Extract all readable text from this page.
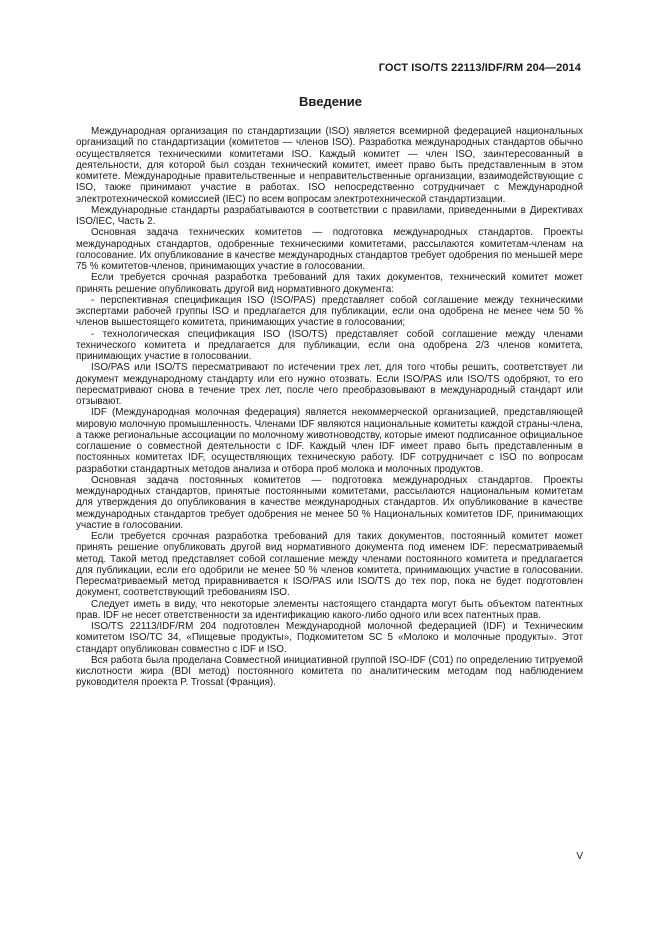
ГОСТ ISO/TS 22113/IDF/RM 204—2014
Введение

Международная организация по стандартизации (ISO) является всемирной федерацией национальных организаций по стандартизации (комитетов — членов ISO). Разработка международных стандартов обычно осуществляется техническими комитетами ISO. Каждый комитет — член ISO, заинтересованный в деятельности, для которой был создан технический комитет, имеет право быть представленным в этом комитете. Международные правительственные и неправительственные организации, взаимодействующие с ISO, также принимают участие в работах. ISO непосредственно сотрудничает с Международной электротехнической комиссией (IEC) по всем вопросам электротехнической стандартизации.

Международные стандарты разрабатываются в соответствии с правилами, приведенными в Директивах ISO/IEC, Часть 2.

Основная задача технических комитетов — подготовка международных стандартов. Проекты международных стандартов, одобренные техническими комитетами, рассылаются комитетам-членам на голосование. Их опубликование в качестве международных стандартов требует одобрения по меньшей мере 75 % комитетов-членов, принимающих участие в голосовании.

Если требуется срочная разработка требований для таких документов, технический комитет может принять решение опубликовать другой вид нормативного документа:

- перспективная спецификация ISO (ISO/PAS) представляет собой соглашение между техническими экспертами рабочей группы ISO и предлагается для публикации, если она одобрена не менее чем 50 % членов вышестоящего комитета, принимающих участие в голосовании;

- технологическая спецификация ISO (ISO/TS) представляет собой соглашение между членами технического комитета и предлагается для публикации, если она одобрена 2/3 членов комитета, принимающих участие в голосовании.

ISO/PAS или ISO/TS пересматривают по истечении трех лет, для того чтобы решить, соответствует ли документ международному стандарту или его нужно отозвать. Если ISO/PAS или ISO/TS одобряют, то его пересматривают снова в течение трех лет, после чего преобразовывают в международный стандарт или отзывают.

IDF (Международная молочная федерация) является некоммерческой организацией, представляющей мировую молочную промышленность. Членами IDF являются национальные комитеты каждой страны-члена, а также региональные ассоциации по молочному животноводству, которые имеют подписанное официальное соглашение о совместной деятельности с IDF. Каждый член IDF имеет право быть представленным в постоянных комитетах IDF, осуществляющих техническую работу. IDF сотрудничает с ISO по вопросам разработки стандартных методов анализа и отбора проб молока и молочных продуктов.

Основная задача постоянных комитетов — подготовка международных стандартов. Проекты международных стандартов, принятые постоянными комитетами, рассылаются национальным комитетам для утверждения до опубликования в качестве международных стандартов. Их опубликование в качестве международных стандартов требует одобрения не менее 50 % Национальных комитетов IDF, принимающих участие в голосовании.

Если требуется срочная разработка требований для таких документов, постоянный комитет может принять решение опубликовать другой вид нормативного документа под именем IDF: пересматриваемый метод. Такой метод представляет собой соглашение между членами постоянного комитета и предлагается для публикации, если его одобрили не менее 50 % членов комитета, принимающих участие в голосовании. Пересматриваемый метод приравнивается к ISO/PAS или ISO/TS до тех пор, пока не будет подготовлен документ, соответствующий требованиям ISO.

Следует иметь в виду, что некоторые элементы настоящего стандарта могут быть объектом патентных прав. IDF не несет ответственности за идентификацию какого-либо одного или всех патентных прав.

ISO/TS 22113/IDF/RM 204 подготовлен Международной молочной федерацией (IDF) и Техническим комитетом ISO/TC 34, «Пищевые продукты», Подкомитетом SC 5 «Молоко и молочные продукты». Этот стандарт опубликован совместно с IDF и ISO.

Вся работа была проделана Совместной инициативной группой ISO-IDF (C01) по определению титруемой кислотности жира (BDI метод) постоянного комитета по аналитическим методам под наблюдением руководителя проекта P. Trossat (Франция).

V
